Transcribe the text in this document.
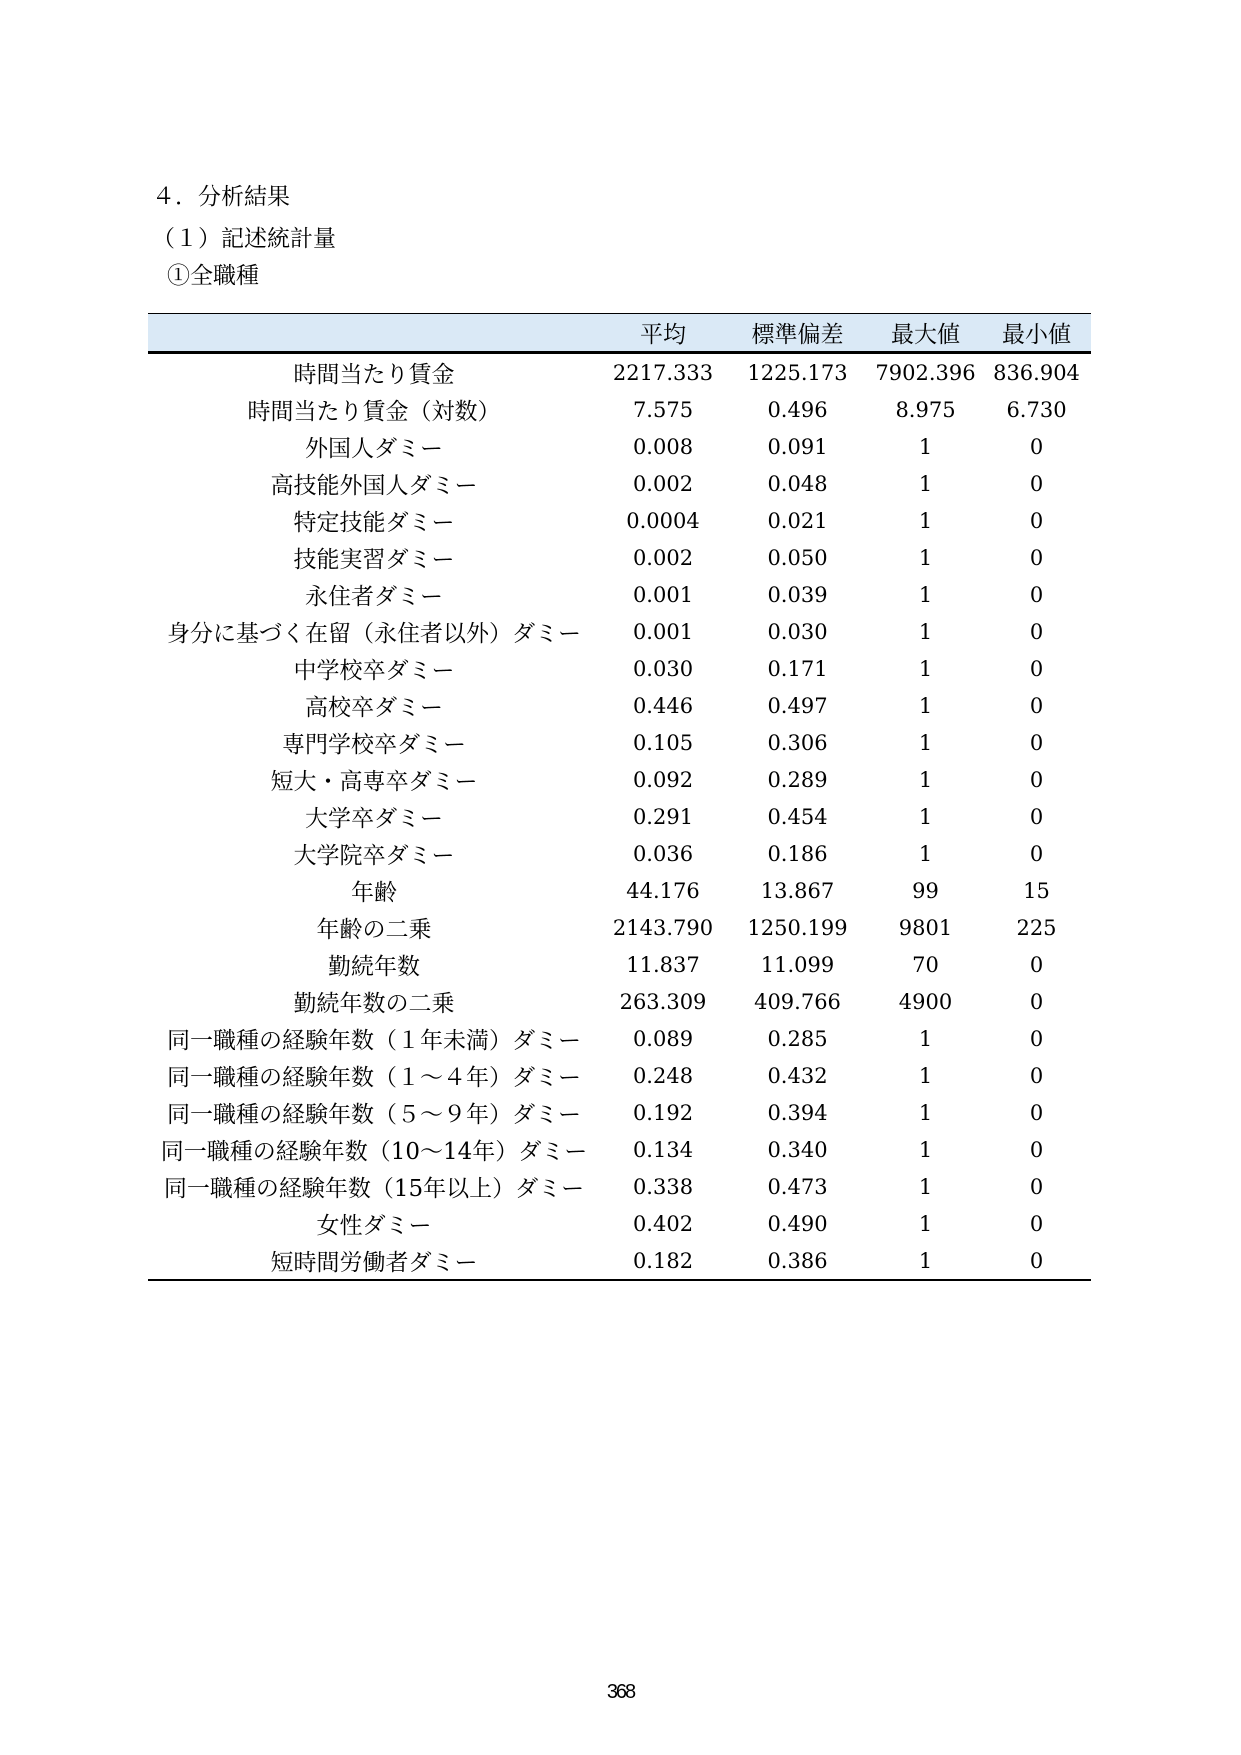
４．分析結果
（１）記述統計量
①全職種
	平均	標準偏差	最大値	最小値
時間当たり賃金	2217.333	1225.173	7902.396	836.904
時間当たり賃金（対数）	7.575	0.496	8.975	6.730
外国人ダミー	0.008	0.091	1	0
高技能外国人ダミー	0.002	0.048	1	0
特定技能ダミー	0.0004	0.021	1	0
技能実習ダミー	0.002	0.050	1	0
永住者ダミー	0.001	0.039	1	0
身分に基づく在留（永住者以外）ダミー	0.001	0.030	1	0
中学校卒ダミー	0.030	0.171	1	0
高校卒ダミー	0.446	0.497	1	0
専門学校卒ダミー	0.105	0.306	1	0
短大・高専卒ダミー	0.092	0.289	1	0
大学卒ダミー	0.291	0.454	1	0
大学院卒ダミー	0.036	0.186	1	0
年齢	44.176	13.867	99	15
年齢の二乗	2143.790	1250.199	9801	225
勤続年数	11.837	11.099	70	0
勤続年数の二乗	263.309	409.766	4900	0
同一職種の経験年数（１年未満）ダミー	0.089	0.285	1	0
同一職種の経験年数（１～４年）ダミー	0.248	0.432	1	0
同一職種の経験年数（５～９年）ダミー	0.192	0.394	1	0
同一職種の経験年数（10～14年）ダミー	0.134	0.340	1	0
同一職種の経験年数（15年以上）ダミー	0.338	0.473	1	0
女性ダミー	0.402	0.490	1	0
短時間労働者ダミー	0.182	0.386	1	0
368
